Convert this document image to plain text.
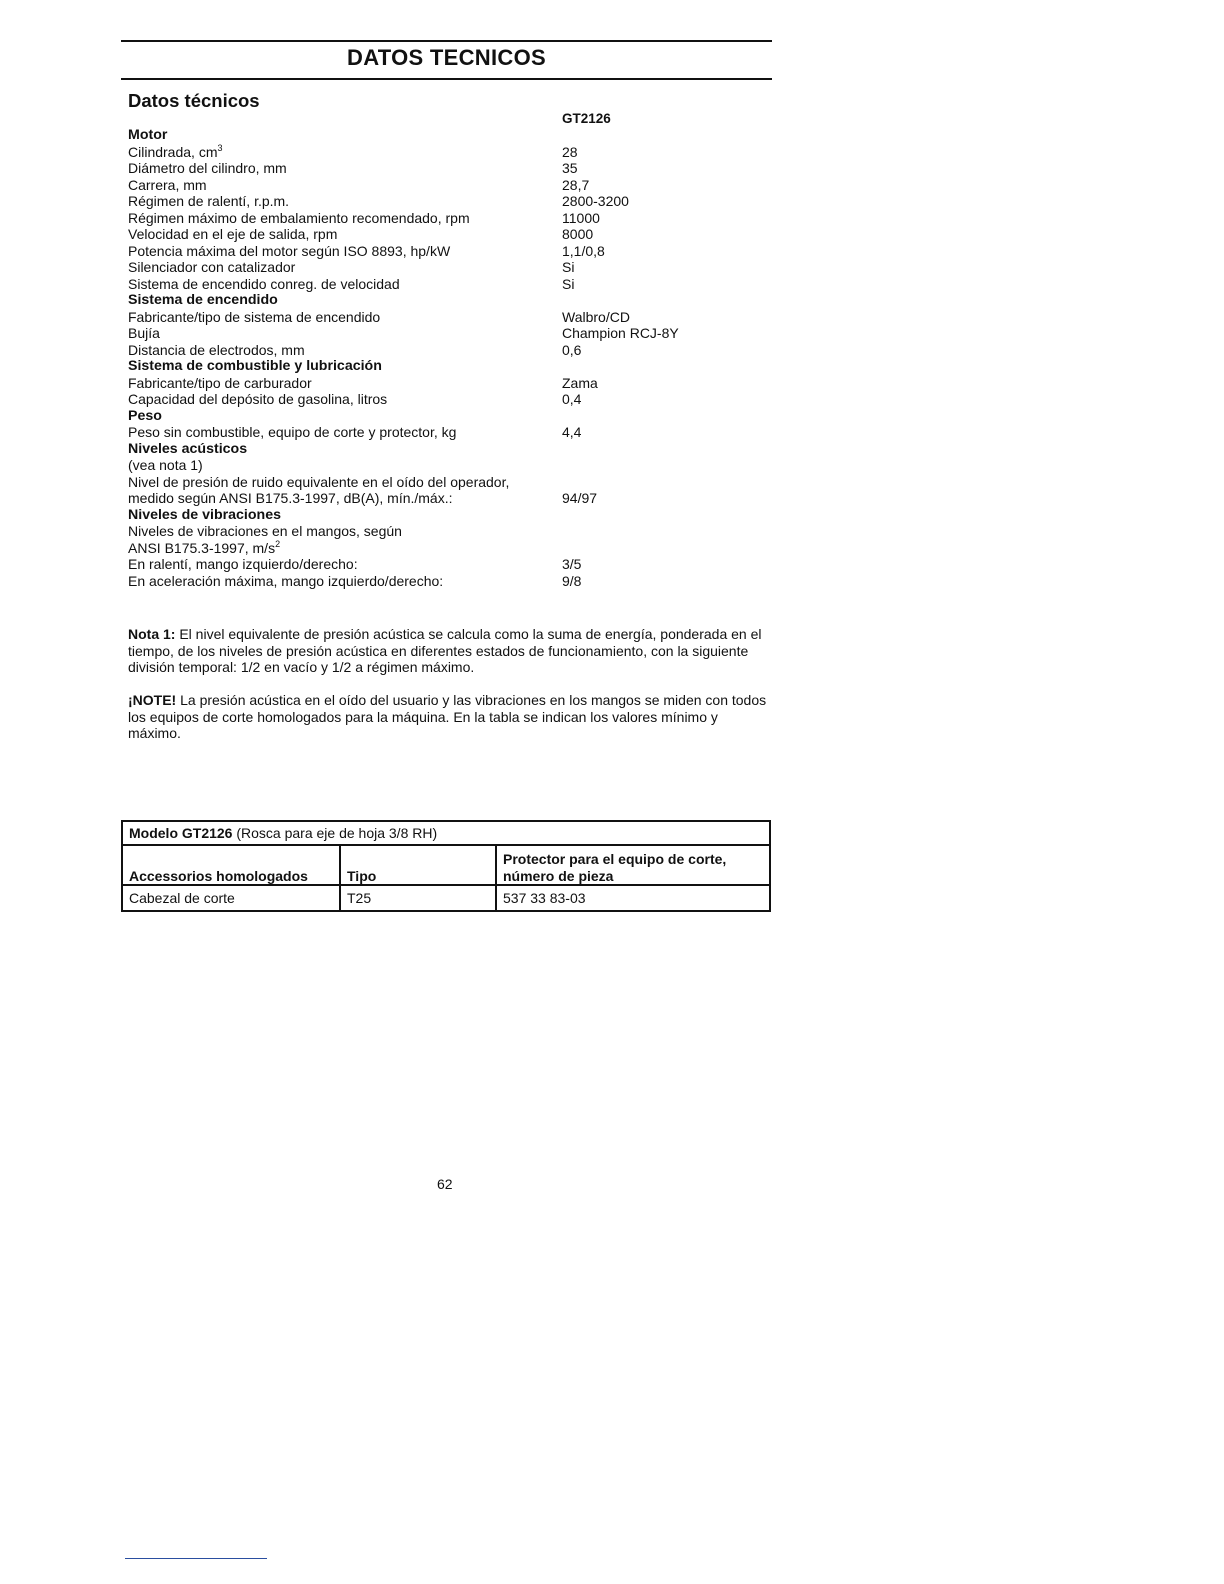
DATOS TECNICOS
Datos técnicos
GT2126
Motor
Cilindrada, $cm^3$	28
Diámetro del cilindro, mm	35
Carrera, mm	28,7
Régimen de ralentí, r.p.m.	2800-3200
Régimen máximo de embalamiento recomendado, rpm	11000
Velocidad en el eje de salida, rpm	8000
Potencia máxima del motor según ISO 8893, hp/kW	1,1/0,8
Silenciador con catalizador	Si
Sistema de encendido conreg. de velocidad	Si
Sistema de encendido
Fabricante/tipo de sistema de encendido	Walbro/CD
Bujía	Champion RCJ-8Y
Distancia de electrodos, mm	0,6
Sistema de combustible y lubricación
Fabricante/tipo de carburador	Zama
Capacidad del depósito de gasolina, litros	0,4
Peso
Peso sin combustible, equipo de corte y protector, kg	4,4
Niveles acústicos
(vea nota 1)
Nivel de presión de ruido equivalente en el oído del operador,
medido según ANSI B175.3-1997, dB(A), mín./máx.:	94/97
Niveles de vibraciones
Niveles de vibraciones en el mangos, según
ANSI B175.3-1997, $m/s^2$
En ralentí, mango izquierdo/derecho:	3/5
En aceleración máxima, mango izquierdo/derecho:	9/8

Nota 1: El nivel equivalente de presión acústica se calcula como la suma de energía, ponderada en el tiempo, de los niveles de presión acústica en diferentes estados de funcionamiento, con la siguiente división temporal: 1/2 en vacío y 1/2 a régimen máximo.

¡NOTE! La presión acústica en el oído del usuario y las vibraciones en los mangos se miden con todos los equipos de corte homologados para la máquina. En la tabla se indican los valores mínimo y máximo.

Modelo GT2126 (Rosca para eje de hoja 3/8 RH)		
Accessorios homologados	Tipo	Protector para el equipo de corte, número de pieza
Cabezal de corte	T25	537 33 83-03
62
